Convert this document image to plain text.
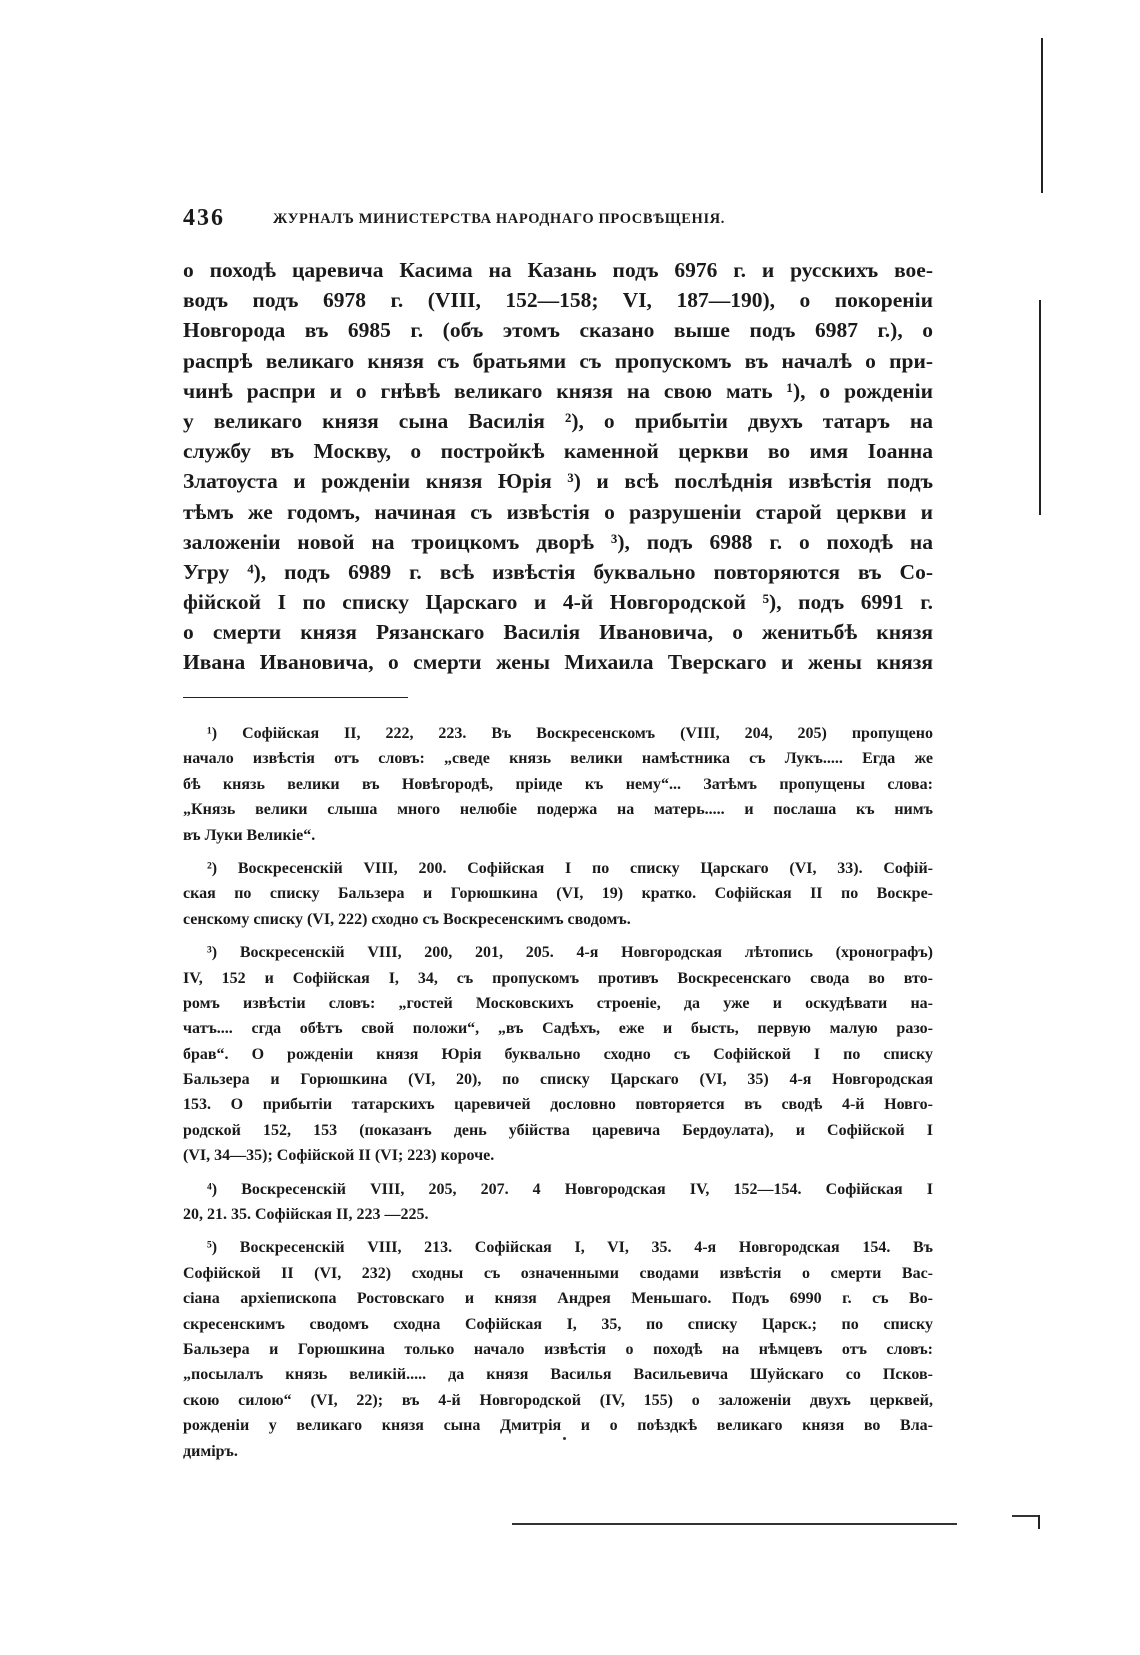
436	ЖУРНАЛЪ МИНИСТЕРСТВА НАРОДНАГО ПРОСВѢЩЕНІЯ.
о походѣ царевича Касима на Казань подъ 6976 г. и русскихъ вое-
водъ подъ 6978 г. (VIII, 152—158; VI, 187—190), о покореніи
Новгорода въ 6985 г. (объ этомъ сказано выше подъ 6987 г.), о
распрѣ великаго князя съ братьями съ пропускомъ въ началѣ о при-
чинѣ распри и о гнѣвѣ великаго князя на свою мать ¹), о рожденіи
у великаго князя сына Василія ²), о прибытіи двухъ татаръ на
службу въ Москву, о постройкѣ каменной церкви во имя Іоанна
Златоуста и рожденіи князя Юрія ³) и всѣ послѣднія извѣстія подъ
тѣмъ же годомъ, начиная съ извѣстія о разрушеніи старой церкви и
заложеніи новой на троицкомъ дворѣ ³), подъ 6988 г. о походѣ на
Угру ⁴), подъ 6989 г. всѣ извѣстія буквально повторяются въ Со-
фійской I по списку Царскаго и 4-й Новгородской ⁵), подъ 6991 г.
о смерти князя Рязанскаго Василія Ивановича, о женитьбѣ князя
Ивана Ивановича, о смерти жены Михаила Тверскаго и жены князя
¹) Софійская II, 222, 223. Въ Воскресенскомъ (VIII, 204, 205) пропущено
начало извѣстія отъ словъ: „сведе князь велики намѣстника съ Лукъ..... Егда же
бѣ князь велики въ Новѣгородѣ, пріиде къ нему“... Затѣмъ пропущены слова:
„Князь велики слыша много нелюбіе подержа на матерь..... и послаша къ нимъ
въ Луки Великіе“.
²) Воскресенскій VIII, 200. Софійская I по списку Царскаго (VI, 33). Софій-
ская по списку Бальзера и Горюшкина (VI, 19) кратко. Софійская II по Воскре-
сенскому списку (VI, 222) сходно съ Воскресенскимъ сводомъ.
³) Воскресенскій VIII, 200, 201, 205. 4-я Новгородская лѣтопись (хронографъ)
IV, 152 и Софійская I, 34, съ пропускомъ противъ Воскресенскаго свода во вто-
ромъ извѣстіи словъ: „гостей Московскихъ строеніе, да уже и оскудѣвати на-
чатъ.... сгда обѣтъ свой положи“, „въ Садѣхъ, еже и бысть, первую малую разо-
брав“. О рожденіи князя Юрія буквально сходно съ Софійской I по списку
Бальзера и Горюшкина (VI, 20), по списку Царскаго (VI, 35) 4-я Новгородская
153. О прибытіи татарскихъ царевичей дословно повторяется въ сводѣ 4-й Новго-
родской 152, 153 (показанъ день убійства царевича Бердоулата), и Софійской I
(VI, 34—35); Софійской II (VI; 223) короче.
⁴) Воскресенскій VIII, 205, 207. 4 Новгородская IV, 152—154. Софійская I
20, 21. 35. Софійская II, 223 —225.
⁵) Воскресенскій VIII, 213. Софійская I, VI, 35. 4-я Новгородская 154. Въ
Софійской II (VI, 232) сходны съ означенными сводами извѣстія о смерти Вас-
сіана архіепископа Ростовскаго и князя Андрея Меньшаго. Подъ 6990 г. съ Во-
скресенскимъ сводомъ сходна Софійская I, 35, по списку Царск.; по списку
Бальзера и Горюшкина только начало извѣстія о походѣ на нѣмцевъ отъ словъ:
„посылалъ князь великій..... да князя Василья Васильевича Шуйскаго со Псков-
скою силою“ (VI, 22); въ 4-й Новгородской (IV, 155) о заложеніи двухъ церквей,
рожденіи у великаго князя сына Дмитрія и о поѣздкѣ великаго князя во Вла-
диміръ.
